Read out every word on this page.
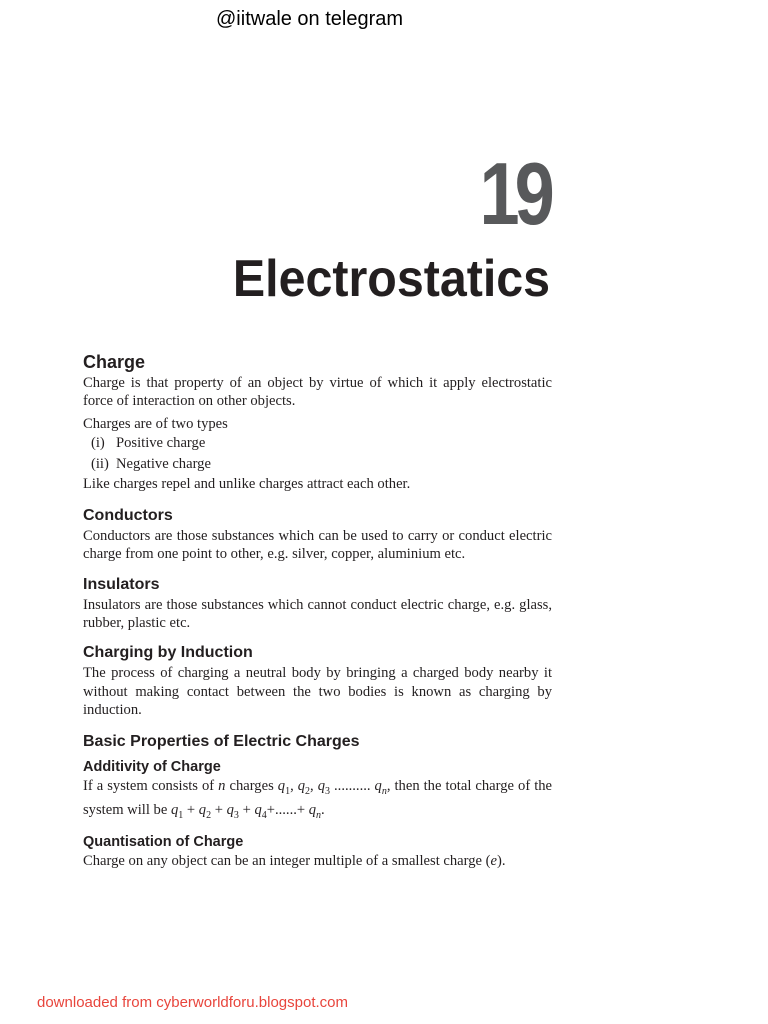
@iitwale on telegram
19
Electrostatics
Charge

Charge is that property of an object by virtue of which it apply electrostatic force of interaction on other objects.

Charges are of two types

(i) Positive charge
(ii) Negative charge

Like charges repel and unlike charges attract each other.

Conductors

Conductors are those substances which can be used to carry or conduct electric charge from one point to other, e.g. silver, copper, aluminium etc.

Insulators

Insulators are those substances which cannot conduct electric charge, e.g. glass, rubber, plastic etc.

Charging by Induction

The process of charging a neutral body by bringing a charged body nearby it without making contact between the two bodies is known as charging by induction.

Basic Properties of Electric Charges
Additivity of Charge

If a system consists of n charges $q_1$, $q_2$, $q_3$ .......... $q_n$, then the total charge of the system will be $q_1 + q_2 + q_3 + q_4+......+ q_n$.

Quantisation of Charge

Charge on any object can be an integer multiple of a smallest charge (e).

downloaded from cyberworldforu.blogspot.com
